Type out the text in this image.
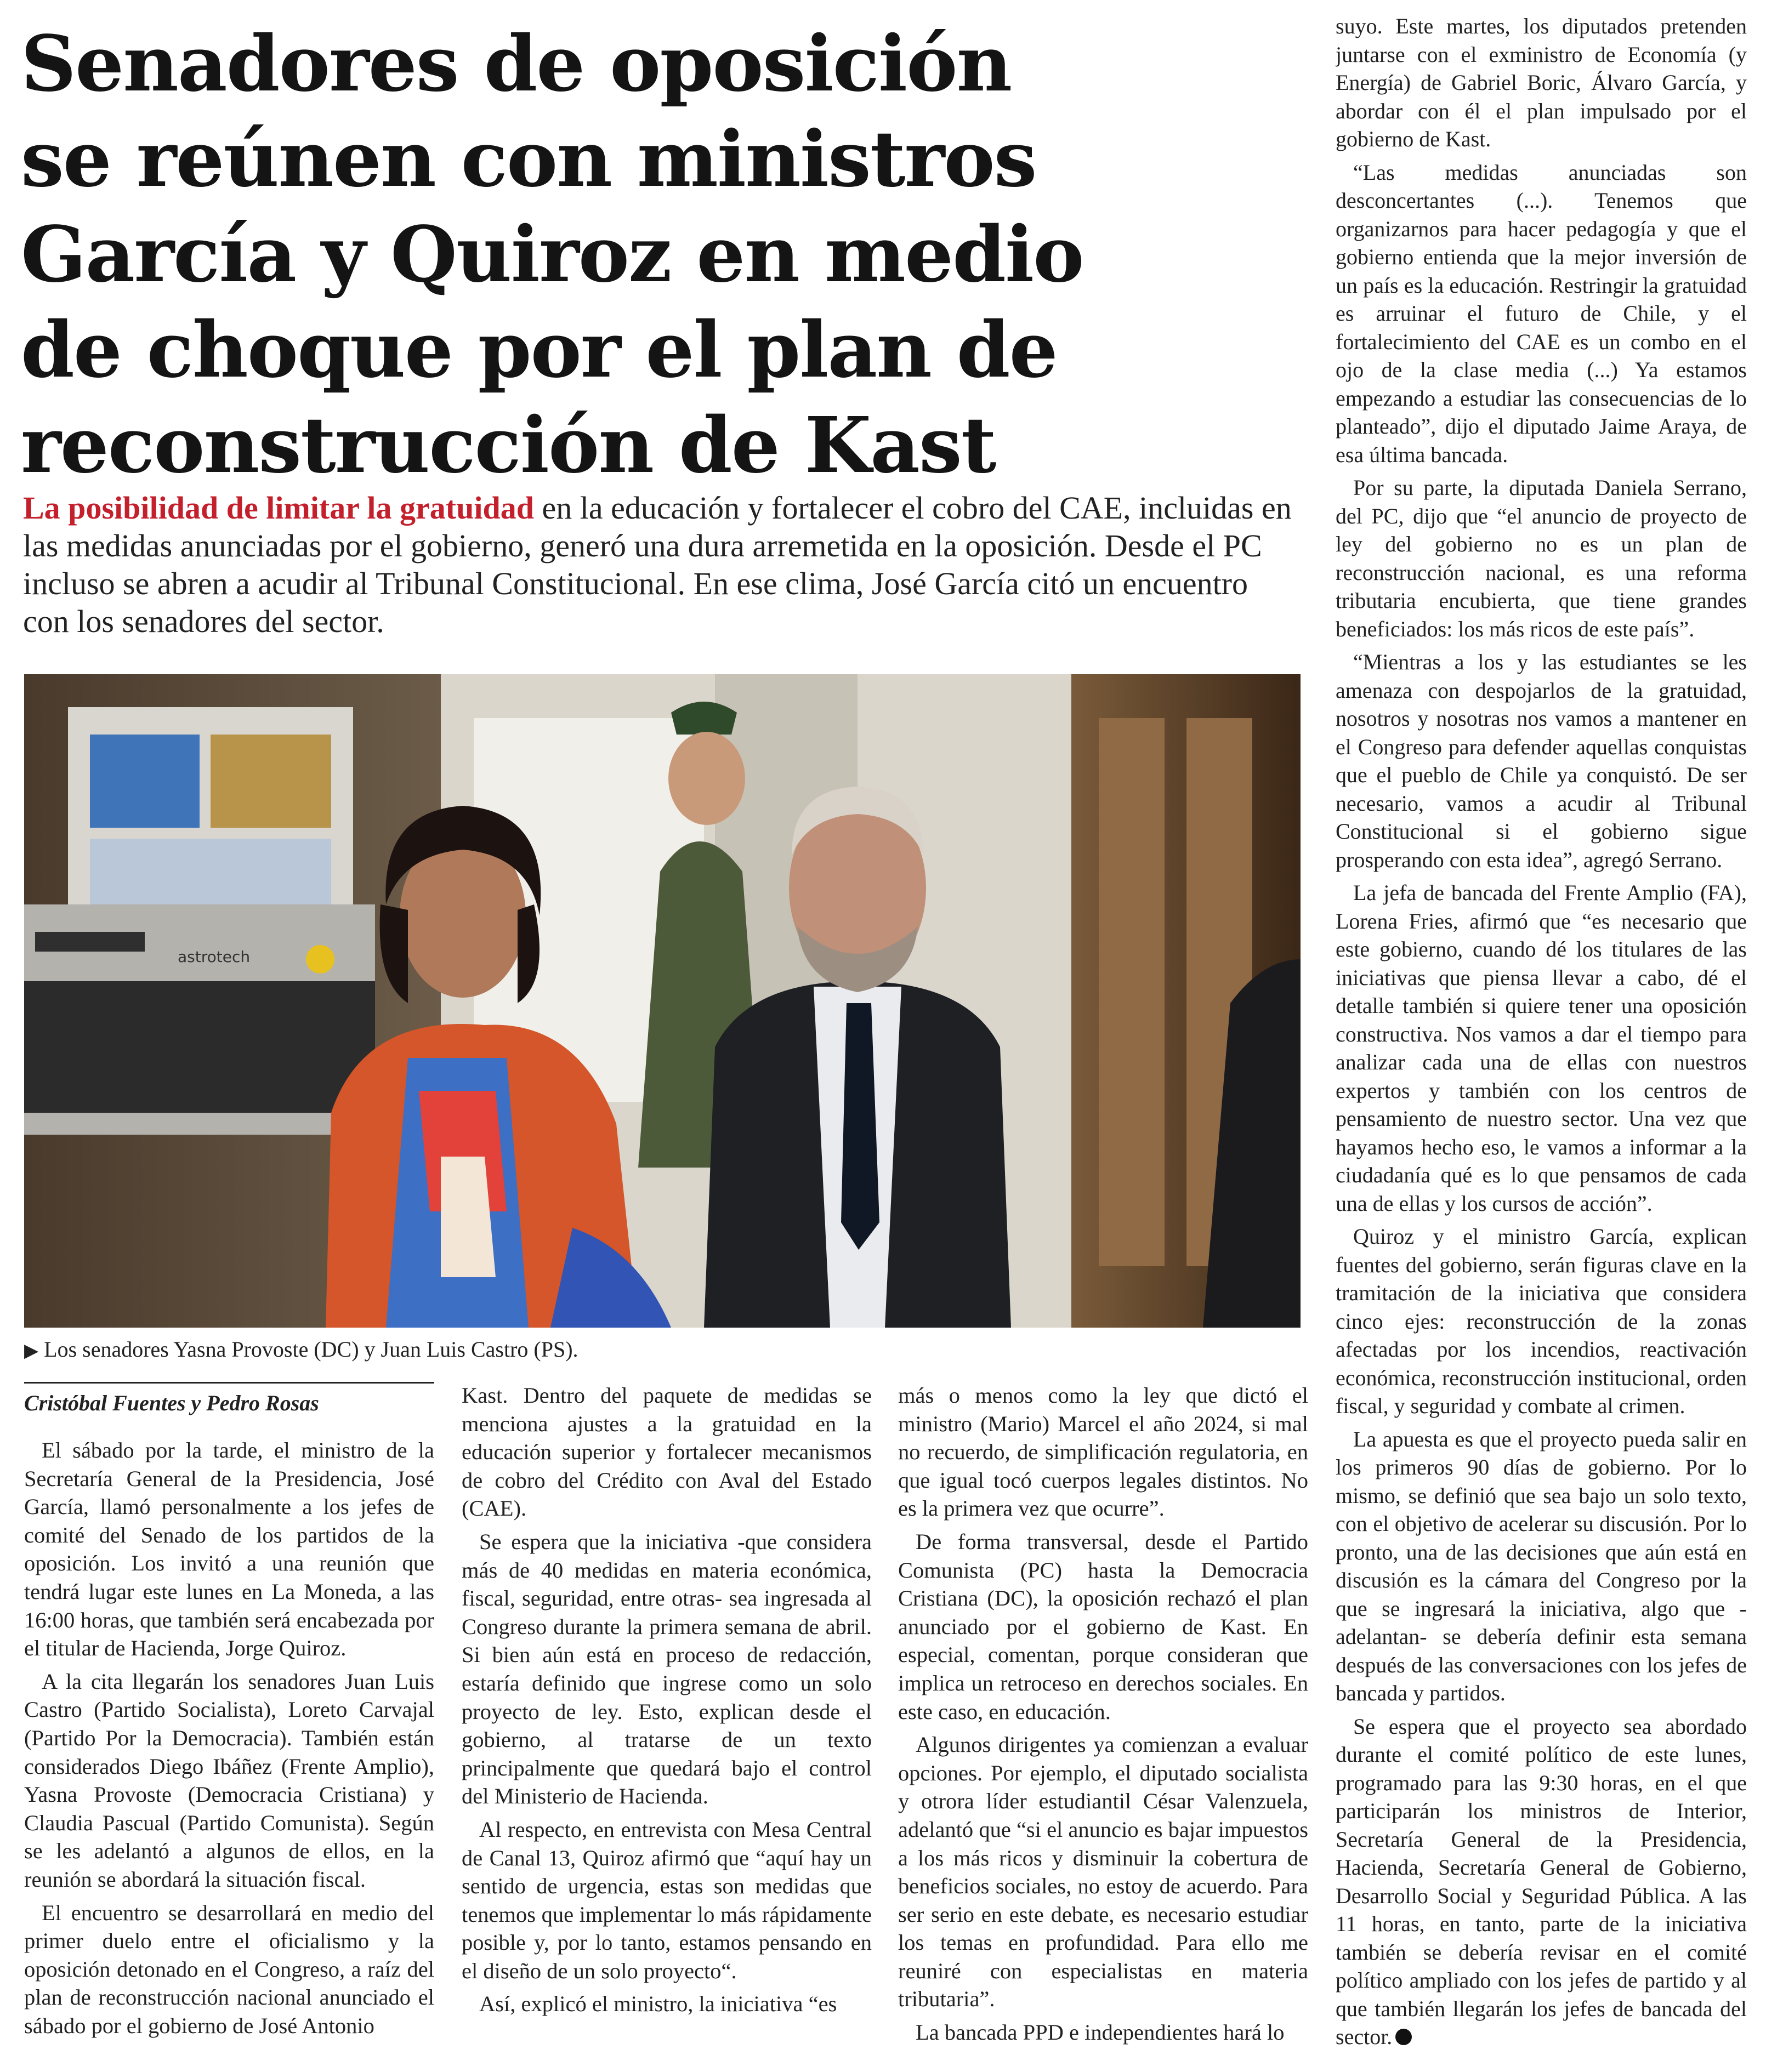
Senadores de oposición
se reúnen con ministros
García y Quiroz en medio
de choque por el plan de
reconstrucción de Kast

La posibilidad de limitar la gratuidad en la educación y fortalecer el cobro del CAE, incluidas en las medidas anunciadas por el gobierno, generó una dura arremetida en la oposición. Desde el PC incluso se abren a acudir al Tribunal Constitucional. En ese clima, José García citó un encuentro con los senadores del sector.

astrotech

▶ Los senadores Yasna Provoste (DC) y Juan Luis Castro (PS).

Cristóbal Fuentes y Pedro Rosas

El sábado por la tarde, el ministro de la Secretaría General de la Presidencia, José García, llamó personalmente a los jefes de comité del Senado de los partidos de la oposición. Los invitó a una reunión que tendrá lugar este lunes en La Moneda, a las 16:00 horas, que también será encabezada por el titular de Hacienda, Jorge Quiroz.

A la cita llegarán los senadores Juan Luis Castro (Partido Socialista), Loreto Carvajal (Partido Por la Democracia). También están considerados Diego Ibáñez (Frente Amplio), Yasna Provoste (Democracia Cristiana) y Claudia Pascual (Partido Comunista). Según se les adelantó a algunos de ellos, en la reunión se abordará la situación fiscal.

El encuentro se desarrollará en medio del primer duelo entre el oficialismo y la oposición detonado en el Congreso, a raíz del plan de reconstrucción nacional anunciado el sábado por el gobierno de José Antonio

Kast. Dentro del paquete de medidas se menciona ajustes a la gratuidad en la educación superior y fortalecer mecanismos de cobro del Crédito con Aval del Estado (CAE).

Se espera que la iniciativa -que considera más de 40 medidas en materia económica, fiscal, seguridad, entre otras- sea ingresada al Congreso durante la primera semana de abril. Si bien aún está en proceso de redacción, estaría definido que ingrese como un solo proyecto de ley. Esto, explican desde el gobierno, al tratarse de un texto principalmente que quedará bajo el control del Ministerio de Hacienda.

Al respecto, en entrevista con Mesa Central de Canal 13, Quiroz afirmó que “aquí hay un sentido de urgencia, estas son medidas que tenemos que implementar lo más rápidamente posible y, por lo tanto, estamos pensando en el diseño de un solo proyecto“.

Así, explicó el ministro, la iniciativa “es

más o menos como la ley que dictó el ministro (Mario) Marcel el año 2024, si mal no recuerdo, de simplificación regulatoria, en que igual tocó cuerpos legales distintos. No es la primera vez que ocurre”.

De forma transversal, desde el Partido Comunista (PC) hasta la Democracia Cristiana (DC), la oposición rechazó el plan anunciado por el gobierno de Kast. En especial, comentan, porque consideran que implica un retroceso en derechos sociales. En este caso, en educación.

Algunos dirigentes ya comienzan a evaluar opciones. Por ejemplo, el diputado socialista y otrora líder estudiantil César Valenzuela, adelantó que “si el anuncio es bajar impuestos a los más ricos y disminuir la cobertura de beneficios sociales, no estoy de acuerdo. Para ser serio en este debate, es necesario estudiar los temas en profundidad. Para ello me reuniré con especialistas en materia tributaria”.

La bancada PPD e independientes hará lo

suyo. Este martes, los diputados pretenden juntarse con el exministro de Economía (y Energía) de Gabriel Boric, Álvaro García, y abordar con él el plan impulsado por el gobierno de Kast.

“Las medidas anunciadas son desconcertantes (...). Tenemos que organizarnos para hacer pedagogía y que el gobierno entienda que la mejor inversión de un país es la educación. Restringir la gratuidad es arruinar el futuro de Chile, y el fortalecimiento del CAE es un combo en el ojo de la clase media (...) Ya estamos empezando a estudiar las consecuencias de lo planteado”, dijo el diputado Jaime Araya, de esa última bancada.

Por su parte, la diputada Daniela Serrano, del PC, dijo que “el anuncio de proyecto de ley del gobierno no es un plan de reconstrucción nacional, es una reforma tributaria encubierta, que tiene grandes beneficiados: los más ricos de este país”.

“Mientras a los y las estudiantes se les amenaza con despojarlos de la gratuidad, nosotros y nosotras nos vamos a mantener en el Congreso para defender aquellas conquistas que el pueblo de Chile ya conquistó. De ser necesario, vamos a acudir al Tribunal Constitucional si el gobierno sigue prosperando con esta idea”, agregó Serrano.

La jefa de bancada del Frente Amplio (FA), Lorena Fries, afirmó que “es necesario que este gobierno, cuando dé los titulares de las iniciativas que piensa llevar a cabo, dé el detalle también si quiere tener una oposición constructiva. Nos vamos a dar el tiempo para analizar cada una de ellas con nuestros expertos y también con los centros de pensamiento de nuestro sector. Una vez que hayamos hecho eso, le vamos a informar a la ciudadanía qué es lo que pensamos de cada una de ellas y los cursos de acción”.

Quiroz y el ministro García, explican fuentes del gobierno, serán figuras clave en la tramitación de la iniciativa que considera cinco ejes: reconstrucción de la zonas afectadas por los incendios, reactivación económica, reconstrucción institucional, orden fiscal, y seguridad y combate al crimen.

La apuesta es que el proyecto pueda salir en los primeros 90 días de gobierno. Por lo mismo, se definió que sea bajo un solo texto, con el objetivo de acelerar su discusión. Por lo pronto, una de las decisiones que aún está en discusión es la cámara del Congreso por la que se ingresará la iniciativa, algo que -adelantan- se debería definir esta semana después de las conversaciones con los jefes de bancada y partidos.

Se espera que el proyecto sea abordado durante el comité político de este lunes, programado para las 9:30 horas, en el que participarán los ministros de Interior, Secretaría General de la Presidencia, Hacienda, Secretaría General de Gobierno, Desarrollo Social y Seguridad Pública. A las 11 horas, en tanto, parte de la iniciativa también se debería revisar en el comité político ampliado con los jefes de partido y al que también llegarán los jefes de bancada del sector.
